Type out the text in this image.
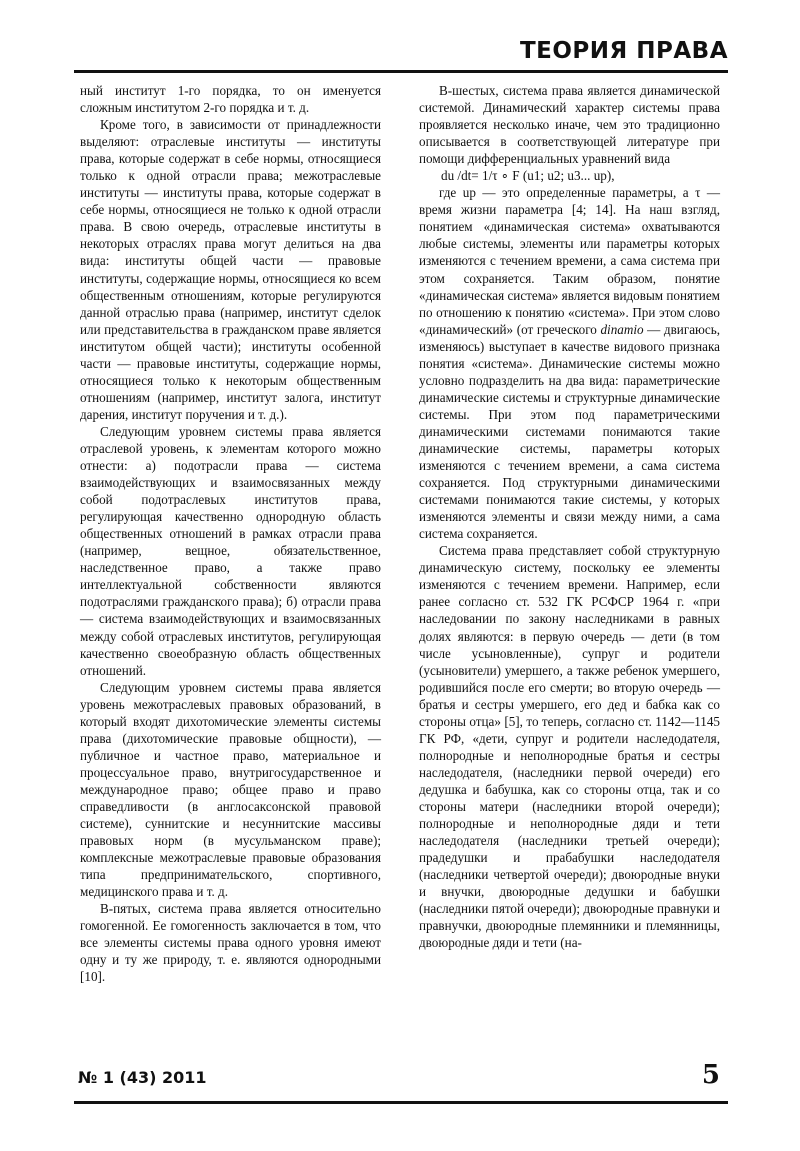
ТЕОРИЯ ПРАВА

ный институт 1-го порядка, то он именуется сложным институтом 2-го порядка и т. д.

Кроме того, в зависимости от принадлежности выделяют: отраслевые институты — институты права, которые содержат в себе нормы, относящиеся только к одной отрасли права; межотраслевые институты — институты права, которые содержат в себе нормы, относящиеся не только к одной отрасли права. В свою очередь, отраслевые институты в некоторых отраслях права могут делиться на два вида: институты общей части — правовые институты, содержащие нормы, относящиеся ко всем общественным отношениям, которые регулируются данной отраслью права (например, институт сделок или представительства в гражданском праве является институтом общей части); институты особенной части — правовые институты, содержащие нормы, относящиеся только к некоторым общественным отношениям (например, институт залога, институт дарения, институт поручения и т. д.).

Следующим уровнем системы права является отраслевой уровень, к элементам которого можно отнести: а) подотрасли права — система взаимодействующих и взаимосвязанных между собой подотраслевых институтов права, регулирующая качественно однородную область общественных отношений в рамках отрасли права (например, вещное, обязательственное, наследственное право, а также право интеллектуальной собственности являются подотраслями гражданского права); б) отрасли права — система взаимодействующих и взаимосвязанных между собой отраслевых институтов, регулирующая качественно своеобразную область общественных отношений.

Следующим уровнем системы права является уровень межотраслевых правовых образований, в который входят дихотомические элементы системы права (дихотомические правовые общности), — публичное и частное право, материальное и процессуальное право, внутригосударственное и международное право; общее право и право справедливости (в англосаксонской правовой системе), суннитские и несуннитские массивы правовых норм (в мусульманском праве); комплексные межотраслевые правовые образования типа предпринимательского, спортивного, медицинского права и т. д.

В-пятых, система права является относительно гомогенной. Ее гомогенность заключается в том, что все элементы системы права одного уровня имеют одну и ту же природу, т. е. являются однородными [10].

В-шестых, система права является динамической системой. Динамический характер системы права проявляется несколько иначе, чем это традиционно описывается в соответствующей литературе при помощи дифференциальных уравнений вида

du /dt= 1/τ ∘ F (u1; u2; u3... up),

где up — это определенные параметры, а τ — время жизни параметра [4; 14]. На наш взгляд, понятием «динамическая система» охватываются любые системы, элементы или параметры которых изменяются с течением времени, а сама система при этом сохраняется. Таким образом, понятие «динамическая система» является видовым понятием по отношению к понятию «система». При этом слово «динамический» (от греческого dinamio — двигаюсь, изменяюсь) выступает в качестве видового признака понятия «система». Динамические системы можно условно подразделить на два вида: параметрические динамические системы и структурные динамические системы. При этом под параметрическими динамическими системами понимаются такие динамические системы, параметры которых изменяются с течением времени, а сама система сохраняется. Под структурными динамическими системами понимаются такие системы, у которых изменяются элементы и связи между ними, а сама система сохраняется.

Система права представляет собой структурную динамическую систему, поскольку ее элементы изменяются с течением времени. Например, если ранее согласно ст. 532 ГК РСФСР 1964 г. «при наследовании по закону наследниками в равных долях являются: в первую очередь — дети (в том числе усыновленные), супруг и родители (усыновители) умершего, а также ребенок умершего, родившийся после его смерти; во вторую очередь — братья и сестры умершего, его дед и бабка как со стороны отца» [5], то теперь, согласно ст. 1142—1145 ГК РФ, «дети, супруг и родители наследодателя, полнородные и неполнородные братья и сестры наследодателя, (наследники первой очереди) его дедушка и бабушка, как со стороны отца, так и со стороны матери (наследники второй очереди); полнородные и неполнородные дяди и тети наследодателя (наследники третьей очереди); прадедушки и прабабушки наследодателя (наследники четвертой очереди); двоюродные внуки и внучки, двоюродные дедушки и бабушки (наследники пятой очереди); двоюродные правнуки и правнучки, двоюродные племянники и племянницы, двоюродные дяди и тети (на-

№ 1 (43) 2011	5
